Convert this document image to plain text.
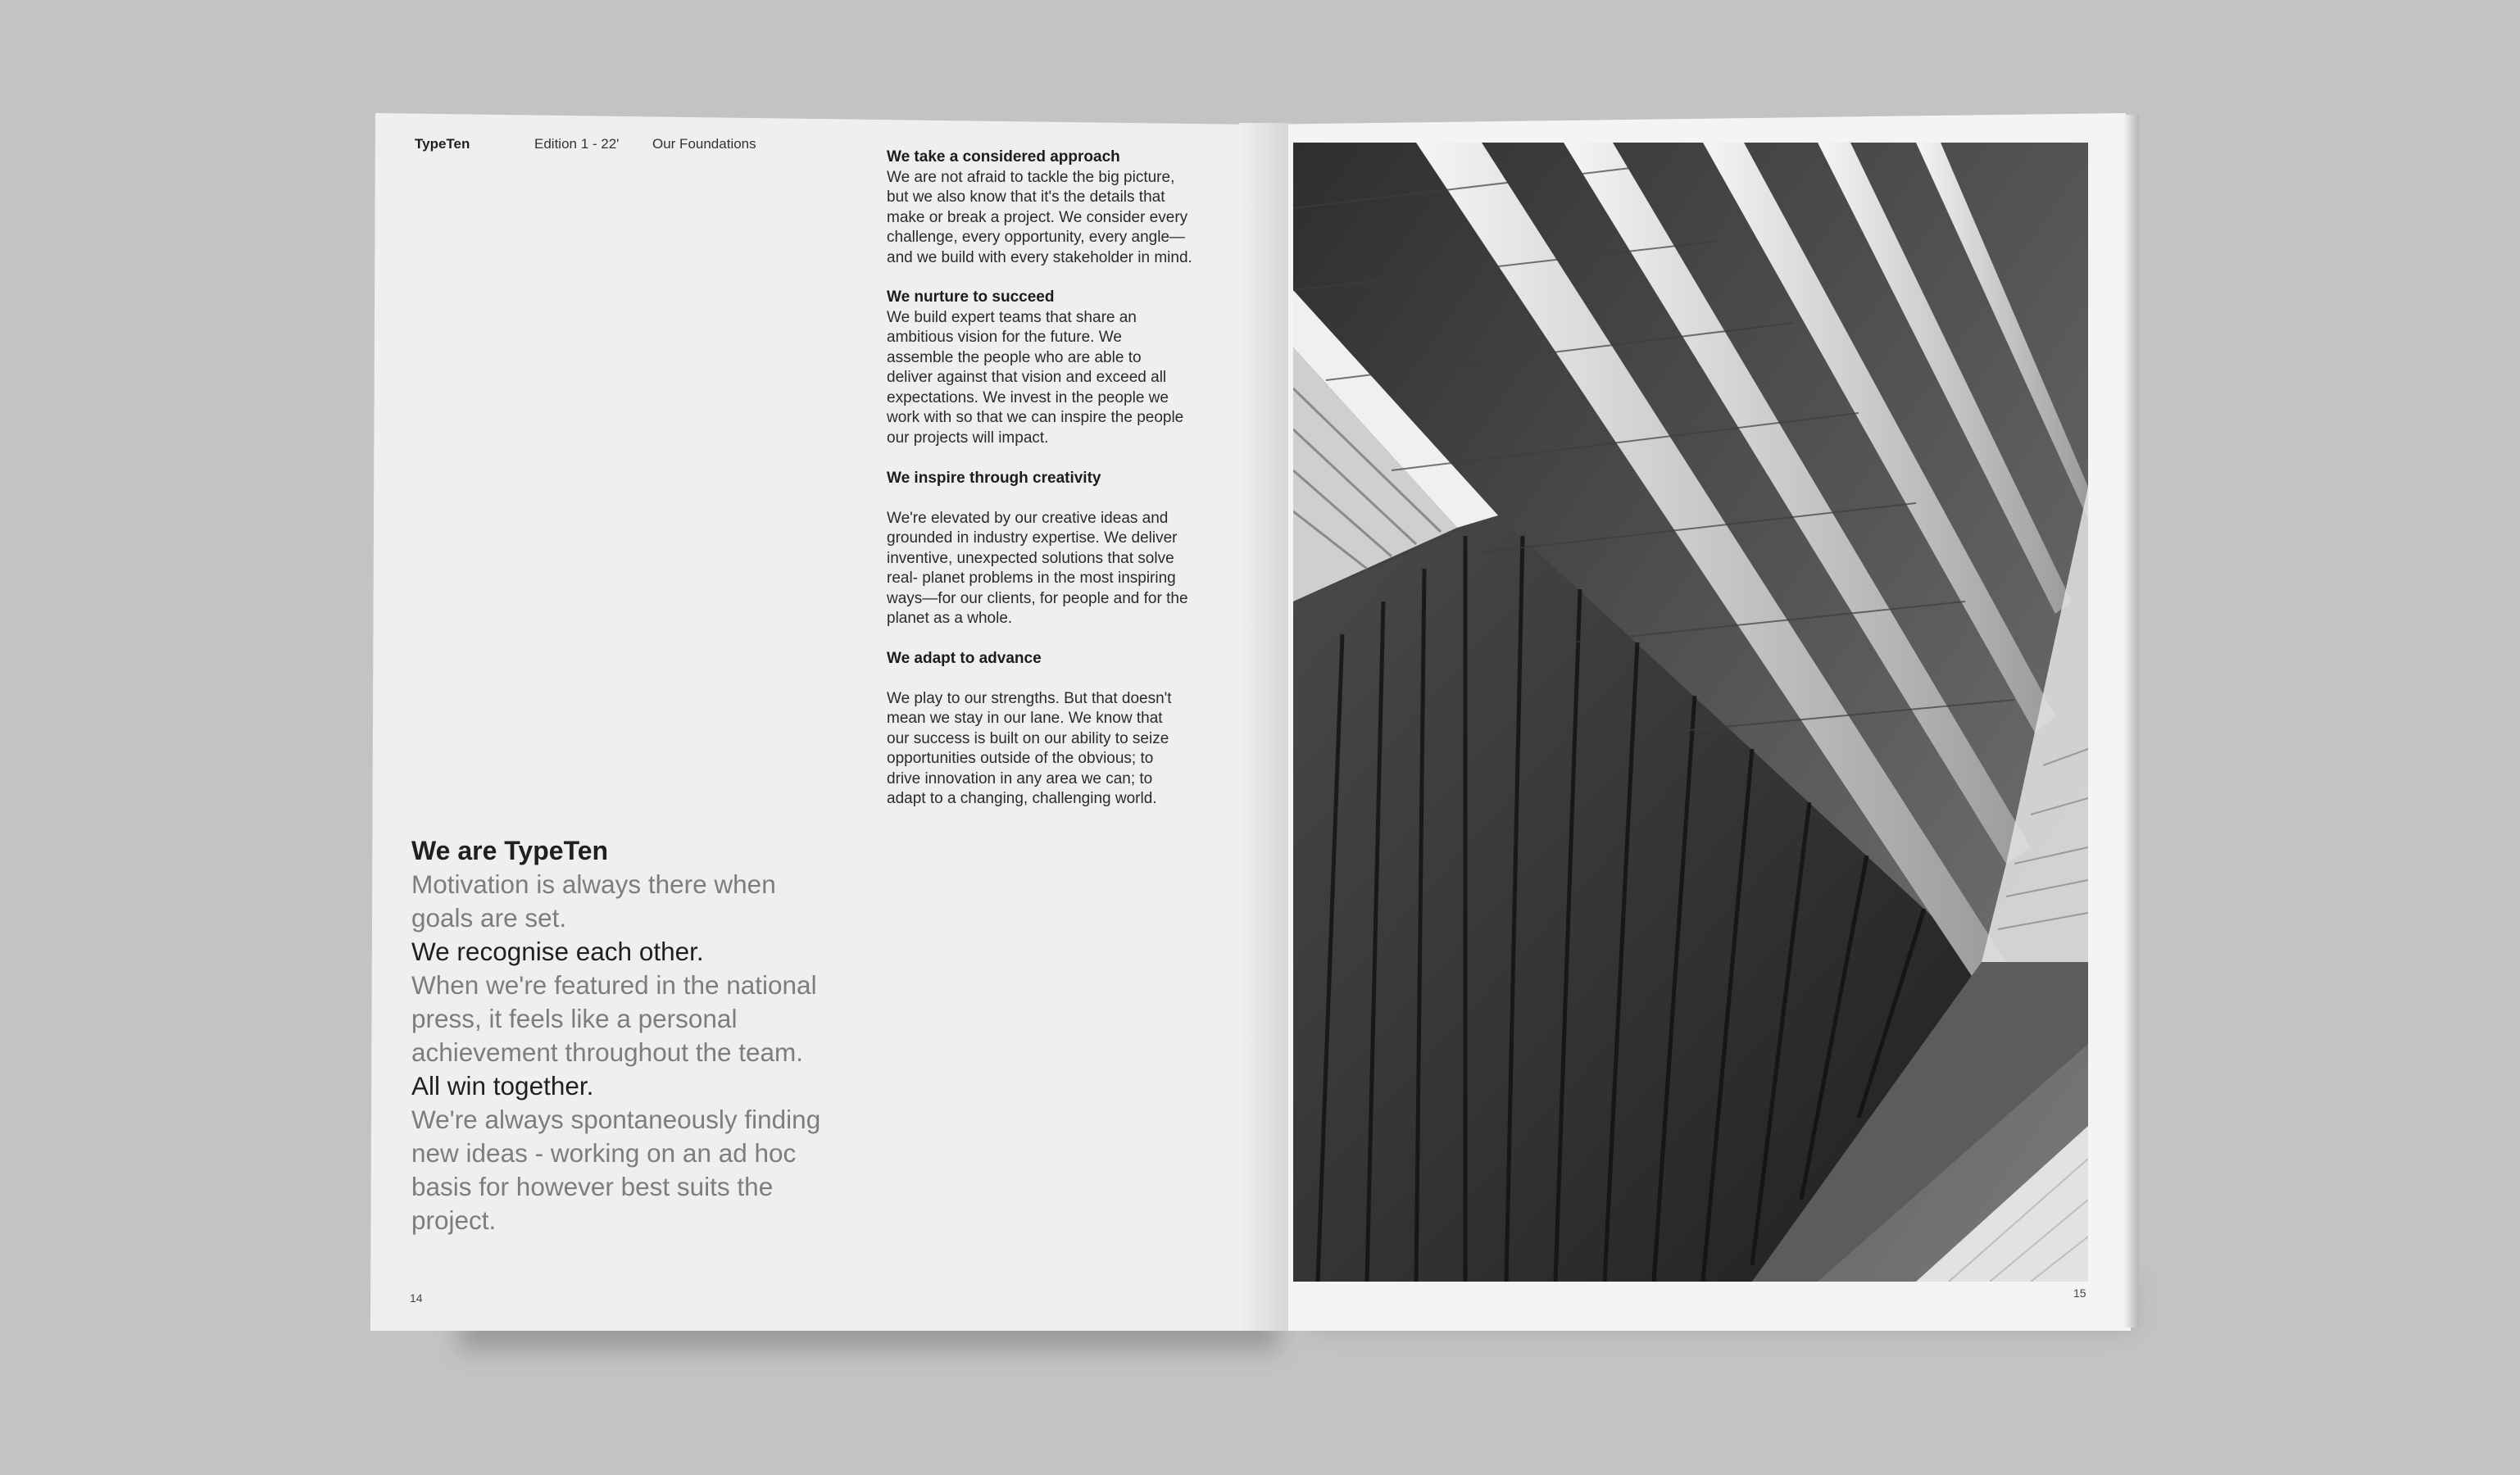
TypeTen	Edition 1 - 22' Our Foundations
We take a considered approach

We are not afraid to tackle the big picture,

but we also know that it's the details that

make or break a project. We consider every

challenge, every opportunity, every angle—

and we build with every stakeholder in mind.

We nurture to succeed

We build expert teams that share an

ambitious vision for the future. We

assemble the people who are able to

deliver against that vision and exceed all

expectations. We invest in the people we

work with so that we can inspire the people

our projects will impact.

We inspire through creativity

We're elevated by our creative ideas and

grounded in industry expertise. We deliver

inventive, unexpected solutions that solve

real- planet problems in the most inspiring

ways—for our clients, for people and for the

planet as a whole.

We adapt to advance

We play to our strengths. But that doesn't

mean we stay in our lane. We know that

our success is built on our ability to seize

opportunities outside of the obvious; to

drive innovation in any area we can; to

adapt to a changing, challenging world.

We are TypeTen
Motivation is always there when
goals are set.
We recognise each other.
When we're featured in the national
press, it feels like a personal
achievement throughout the team.
All win together.
We're always spontaneously finding
new ideas - working on an ad hoc
basis for however best suits the
project.
14	15
